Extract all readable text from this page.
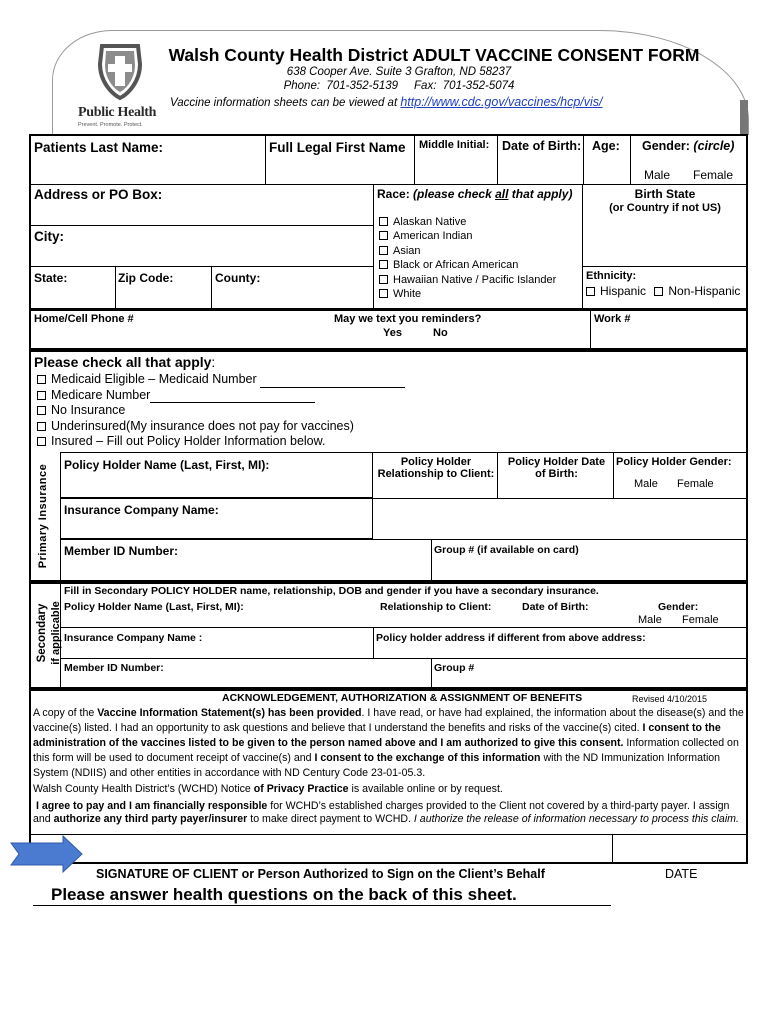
Public Health
Prevent. Promote. Protect.
Walsh County Health District ADULT VACCINE CONSENT FORM
638 Cooper Ave. Suite 3 Grafton, ND 58237
Phone:  701-352-5139     Fax:  701-352-5074
Vaccine information sheets can be viewed at http://www.cdc.gov/vaccines/hcp/vis/
Patients Last Name:	Full Legal First Name Middle Initial: Date of Birth: Age: Gender: (circle)
Male Female
Address or PO Box:
City:
State:	Zip Code:	County:
Race: (please check all that apply)
Alaskan Native
American Indian
Asian
Black or African American
Hawaiian Native / Pacific Islander
White
Birth State
(or Country if not US)
Ethnicity:
Hispanic Non-Hispanic
Home/Cell Phone #	May we text you reminders?
Yes	No
Work #
Please check all that apply:
Medicaid Eligible – Medicaid Number
Medicare Number
No Insurance
Underinsured(My insurance does not pay for vaccines)
Insured – Fill out Policy Holder Information below.
Primary Insurance	Policy Holder Name (Last, First, MI):	Policy Holder Relationship to Client:
Policy Holder Date of Birth:
Policy Holder Gender:
Male Female
Insurance Company Name:
Member ID Number:	Group # (if available on card)
Secondary if applicable
Fill in Secondary POLICY HOLDER name, relationship, DOB and gender if you have a secondary insurance.
Policy Holder Name (Last, First, MI):	Relationship to Client:	Date of Birth:	Gender:
Male Female
Insurance Company Name :	Policy holder address if different from above address:
Member ID Number:	Group #
ACKNOWLEDGEMENT, AUTHORIZATION & ASSIGNMENT OF BENEFITS	Revised 4/10/2015

A copy of the Vaccine Information Statement(s) has been provided. I have read, or have had explained, the information about the disease(s) and the vaccine(s) listed. I had an opportunity to ask questions and believe that I understand the benefits and risks of the vaccine(s) cited. I consent to the administration of the vaccines listed to be given to the person named above and I am authorized to give this consent. Information collected on this form will be used to document receipt of vaccine(s) and I consent to the exchange of this information with the ND Immunization Information System (NDIIS) and other entities in accordance with ND Century Code 23-01-05.3.

Walsh County Health District’s (WCHD) Notice of Privacy Practice is available online or by request.

I agree to pay and I am financially responsible for WCHD’s established charges provided to the Client not covered by a third-party payer. I assign and authorize any third party payer/insurer to make direct payment to WCHD. I authorize the release of information necessary to process this claim.

SIGNATURE OF CLIENT or Person Authorized to Sign on the Client’s Behalf	DATE
Please answer health questions on the back of this sheet.
